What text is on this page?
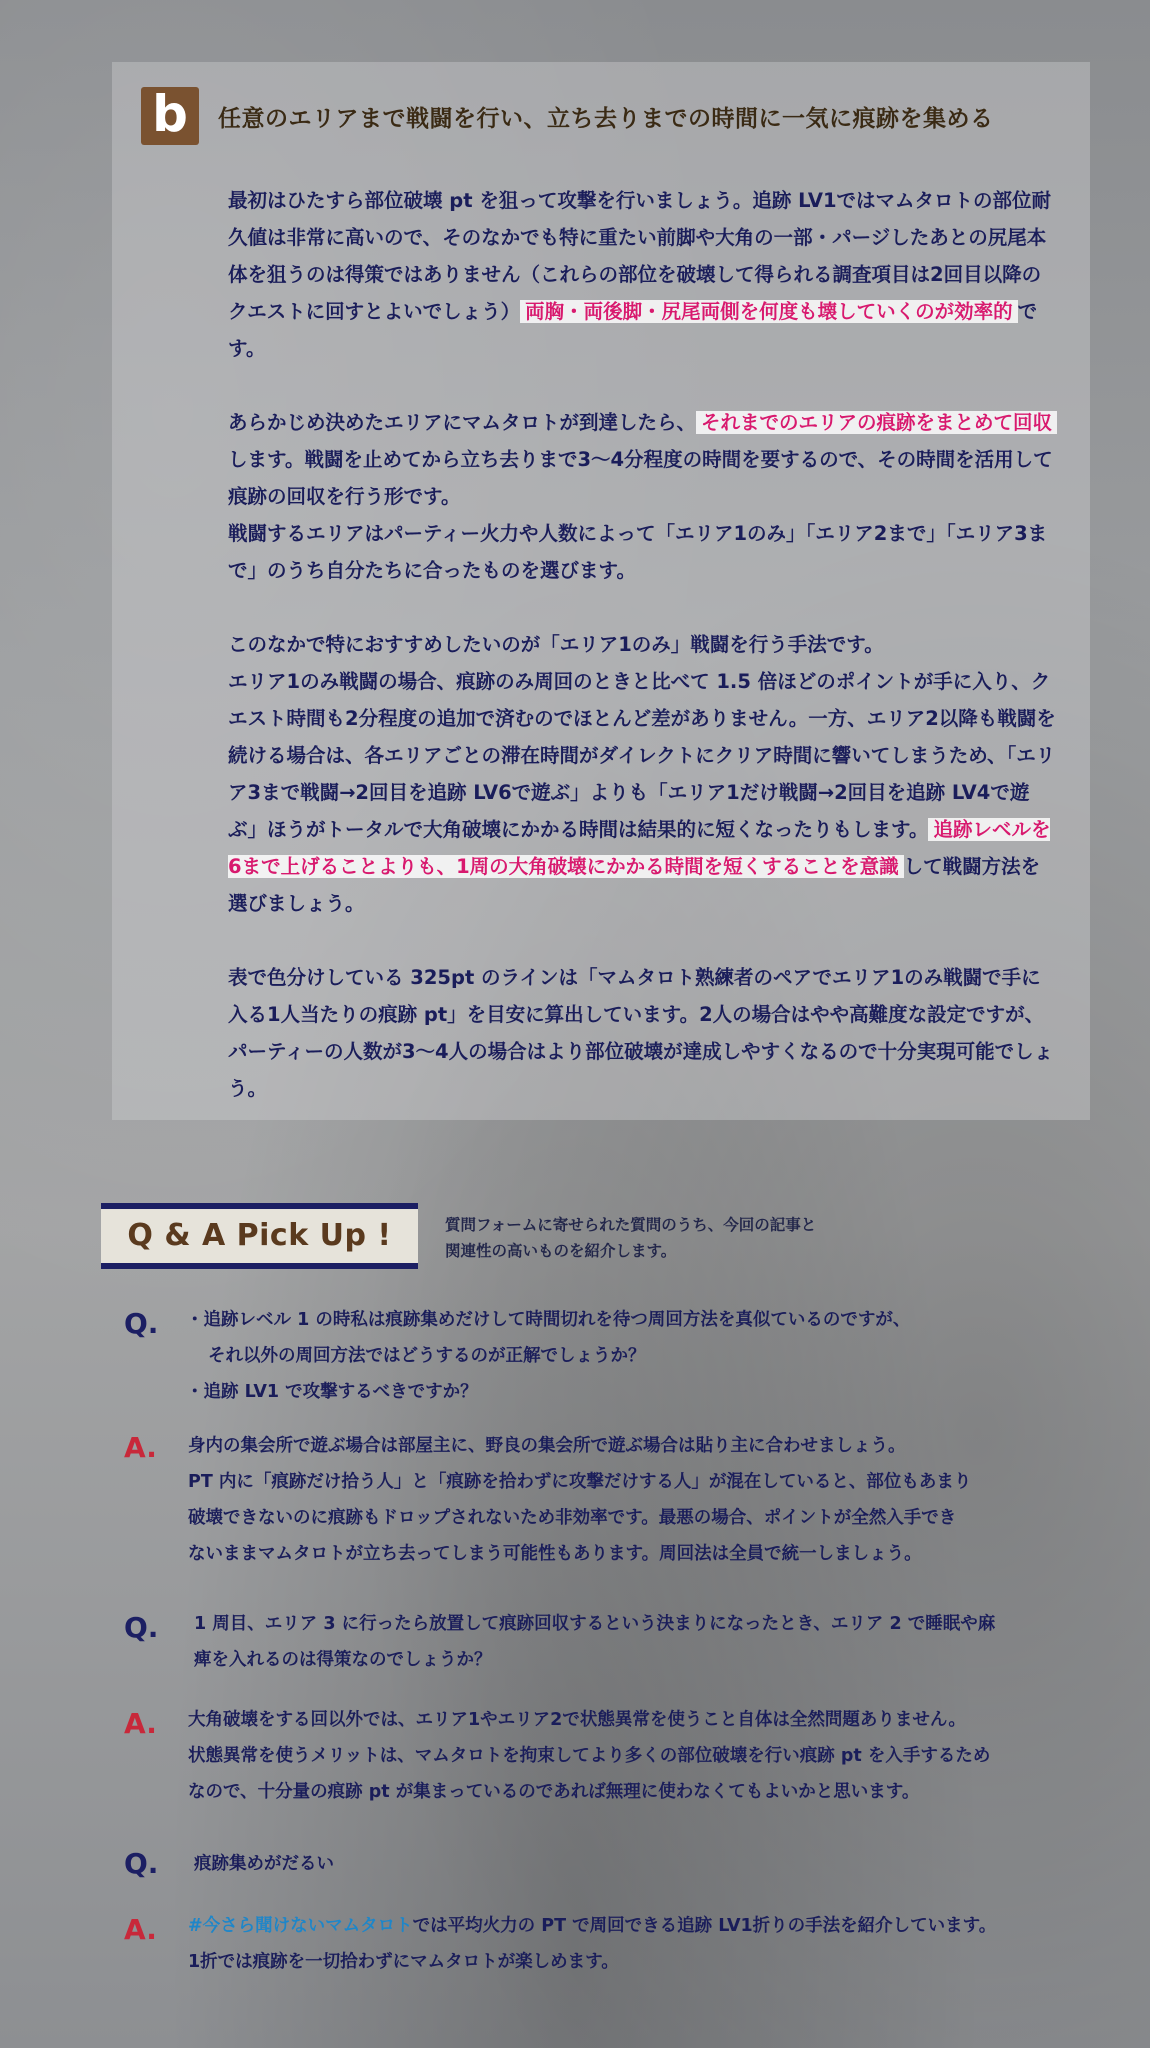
b	任意のエリアまで戦闘を行い、立ち去りまでの時間に一気に痕跡を集める

最初はひたすら部位破壊 pt を狙って攻撃を行いましょう。追跡 LV1ではマムタロトの部位耐久値は非常に高いので、そのなかでも特に重たい前脚や大角の一部・パージしたあとの尻尾本体を狙うのは得策ではありません（これらの部位を破壊して得られる調査項目は2回目以降のクエストに回すとよいでしょう） 両胸・両後脚・尻尾両側を何度も壊していくのが効率的 です。

あらかじめ決めたエリアにマムタロトが到達したら、 それまでのエリアの痕跡をまとめて回収します。戦闘を止めてから立ち去りまで3～4分程度の時間を要するので、その時間を活用して痕跡の回収を行う形です。
戦闘するエリアはパーティー火力や人数によって「エリア1のみ」「エリア2まで」「エリア3まで」のうち自分たちに合ったものを選びます。

このなかで特におすすめしたいのが「エリア1のみ」戦闘を行う手法です。
エリア1のみ戦闘の場合、痕跡のみ周回のときと比べて 1.5 倍ほどのポイントが手に入り、クエスト時間も2分程度の追加で済むのでほとんど差がありません。一方、エリア2以降も戦闘を続ける場合は、各エリアごとの滞在時間がダイレクトにクリア時間に響いてしまうため、「エリア3まで戦闘→2回目を追跡 LV6で遊ぶ」よりも「エリア1だけ戦闘→2回目を追跡 LV4で遊ぶ」ほうがトータルで大角破壊にかかる時間は結果的に短くなったりもします。 追跡レベルを6まで上げることよりも、1周の大角破壊にかかる時間を短くすることを意識 して戦闘方法を選びましょう。

表で色分けしている 325pt のラインは「マムタロト熟練者のペアでエリア1のみ戦闘で手に入る1人当たりの痕跡 pt」を目安に算出しています。2人の場合はやや高難度な設定ですが、パーティーの人数が3～4人の場合はより部位破壊が達成しやすくなるので十分実現可能でしょう。

Q & A Pick Up !	質問フォームに寄せられた質問のうち、今回の記事と
関連性の高いものを紹介します。
Q. ・追跡レベル 1 の時私は痕跡集めだけして時間切れを待つ周回方法を真似ているのですが、
それ以外の周回方法ではどうするのが正解でしょうか？
・追跡 LV1 で攻撃するべきですか？
A. 身内の集会所で遊ぶ場合は部屋主に、野良の集会所で遊ぶ場合は貼り主に合わせましょう。
PT 内に「痕跡だけ拾う人」と「痕跡を拾わずに攻撃だけする人」が混在していると、部位もあまり
破壊できないのに痕跡もドロップされないため非効率です。最悪の場合、ポイントが全然入手でき
ないままマムタロトが立ち去ってしまう可能性もあります。周回法は全員で統一しましょう。
Q. 1 周目、エリア 3 に行ったら放置して痕跡回収するという決まりになったとき、エリア 2 で睡眠や麻
痺を入れるのは得策なのでしょうか？
A. 大角破壊をする回以外では、エリア1やエリア2で状態異常を使うこと自体は全然問題ありません。
状態異常を使うメリットは、マムタロトを拘束してより多くの部位破壊を行い痕跡 pt を入手するため
なので、十分量の痕跡 pt が集まっているのであれば無理に使わなくてもよいかと思います。
Q. 痕跡集めがだるい
A. #今さら聞けないマムタロトでは平均火力の PT で周回できる追跡 LV1折りの手法を紹介しています。
1折では痕跡を一切拾わずにマムタロトが楽しめます。
